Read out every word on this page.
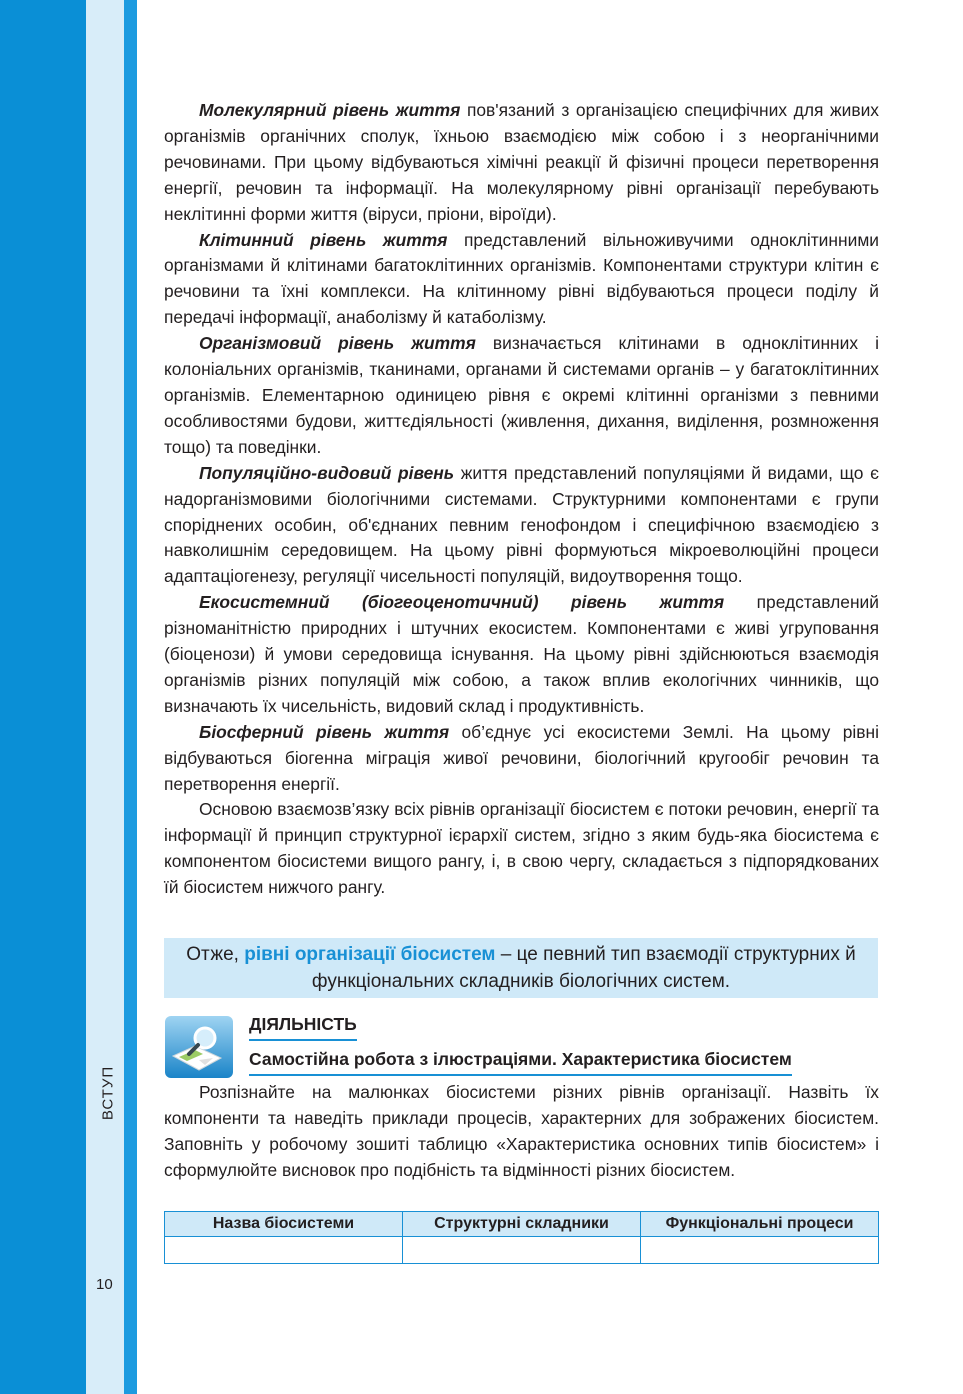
ВСТУП
10

Молекулярний рівень життя пов'язаний з організацією специфічних для живих організмів органічних сполук, їхньою взаємодією між собою і з неорганічними речовинами. При цьому відбуваються хімічні реакції й фізичні процеси перетворення енергії, речовин та інформації. На молекулярному рівні організації перебувають неклітинні форми життя (віруси, пріони, віроїди).

Клітинний рівень життя представлений вільноживучими одноклітинними організмами й клітинами багатоклітинних організмів. Компонентами структури клітин є речовини та їхні комплекси. На клітинному рівні відбуваються процеси поділу й передачі інформації, анаболізму й катаболізму.

Організмовий рівень життя визначається клітинами в одноклітинних і колоніальних організмів, тканинами, органами й системами органів – у багатоклітинних організмів. Елементарною одиницею рівня є окремі клітинні організми з певними особливостями будови, життєдіяльності (живлення, дихання, виділення, розмноження тощо) та поведінки.

Популяційно-видовий рівень життя представлений популяціями й видами, що є надорганізмовими біологічними системами. Структурними компонентами є групи споріднених особин, об'єднаних певним генофондом і специфічною взаємодією з навколишнім середовищем. На цьому рівні формуються мікроеволюційні процеси адаптаціогенезу, регуляції чисельності популяцій, видоутворення тощо.

Екосистемний (біогеоценотичний) рівень життя представлений різноманітністю природних і штучних екосистем. Компонентами є живі угруповання (біоценози) й умови середовища існування. На цьому рівні здійснюються взаємодія організмів різних популяцій між собою, а також вплив екологічних чинників, що визначають їх чисельність, видовий склад і продуктивність.

Біосферний рівень життя об’єднує усі екосистеми Землі. На цьому рівні відбуваються біогенна міграція живої речовини, біологічний кругообіг речовин та перетворення енергії.

Основою взаємозв’язку всіх рівнів організації біосистем є потоки речовин, енергії та інформації й принцип структурної ієрархії систем, згідно з яким будь-яка біосистема є компонентом біосистеми вищого рангу, і, в свою чергу, складається з підпорядкованих їй біосистем нижчого рангу.

Отже, рівні організації біосистем – це певний тип взаємодії структурних й функціональних складників біологічних систем.
ДІЯЛЬНІСТЬ
Самостійна робота з ілюстраціями. Характеристика біосистем

Розпізнайте на малюнках біосистеми різних рівнів організації. Назвіть їх компоненти та наведіть приклади процесів, характерних для зображених біосистем. Заповніть у робочому зошиті таблицю «Характеристика основних типів біосистем» і сформулюйте висновок про подібність та відмінності різних біосистем.

Назва біосистеми	Структурні складники	Функціональні процеси
